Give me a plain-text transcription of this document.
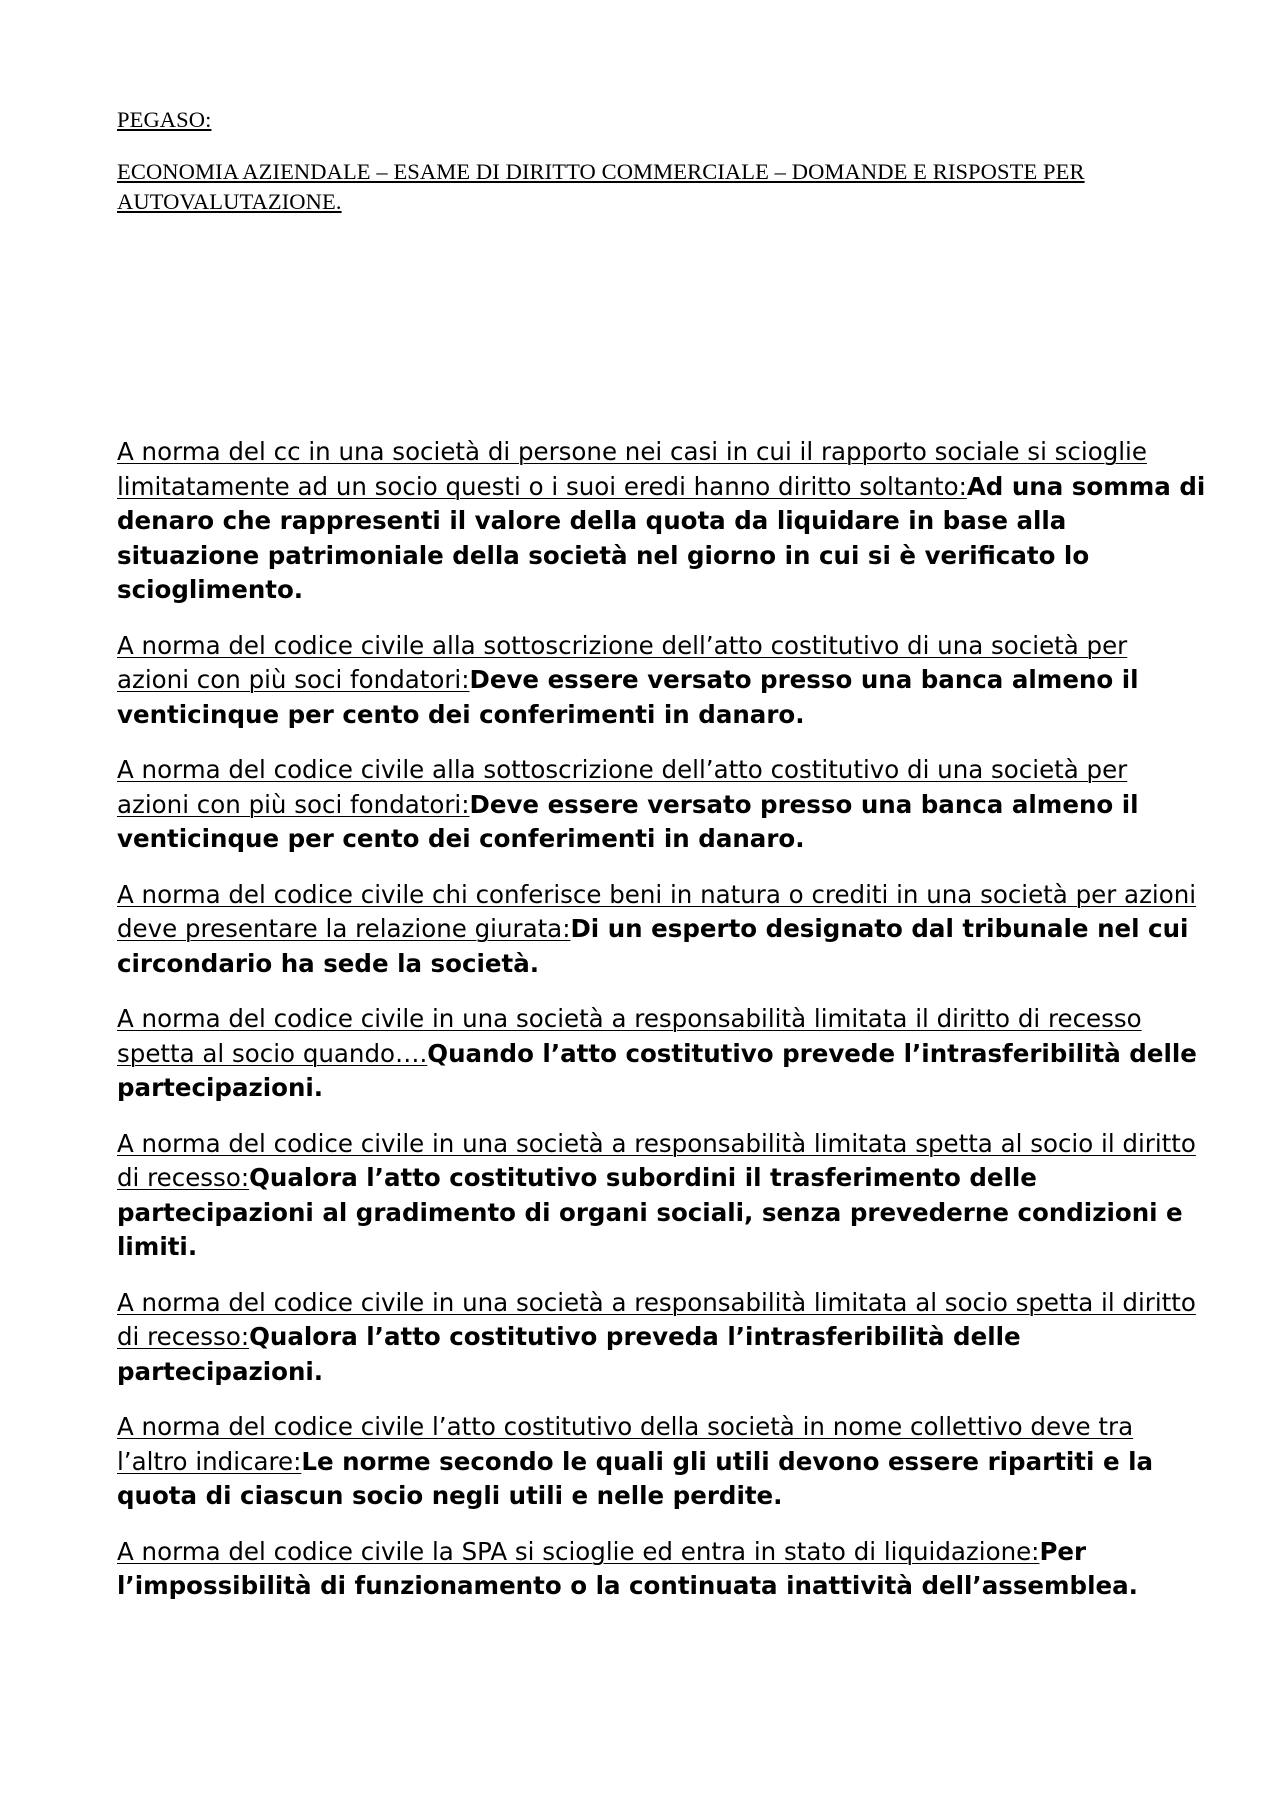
PEGASO:

ECONOMIA AZIENDALE – ESAME DI DIRITTO COMMERCIALE – DOMANDE E RISPOSTE PER AUTOVALUTAZIONE.

A norma del cc in una società di persone nei casi in cui il rapporto sociale si scioglie limitatamente ad un socio questi o i suoi eredi hanno diritto soltanto:Ad una somma di denaro che rappresenti il valore della quota da liquidare in base alla situazione patrimoniale della società nel giorno in cui si è verificato lo scioglimento.

A norma del codice civile alla sottoscrizione dell’atto costitutivo di una società per azioni con più soci fondatori:Deve essere versato presso una banca almeno il venticinque per cento dei conferimenti in danaro.

A norma del codice civile alla sottoscrizione dell’atto costitutivo di una società per azioni con più soci fondatori:Deve essere versato presso una banca almeno il venticinque per cento dei conferimenti in danaro.

A norma del codice civile chi conferisce beni in natura o crediti in una società per azioni deve presentare la relazione giurata:Di un esperto designato dal tribunale nel cui circondario ha sede la società.

A norma del codice civile in una società a responsabilità limitata il diritto di recesso spetta al socio quando….Quando l’atto costitutivo prevede l’intrasferibilità delle partecipazioni.

A norma del codice civile in una società a responsabilità limitata spetta al socio il diritto di recesso:Qualora l’atto costitutivo subordini il trasferimento delle partecipazioni al gradimento di organi sociali, senza prevederne condizioni e limiti.

A norma del codice civile in una società a responsabilità limitata al socio spetta il diritto di recesso:Qualora l’atto costitutivo preveda l’intrasferibilità delle partecipazioni.

A norma del codice civile l’atto costitutivo della società in nome collettivo deve tra l’altro indicare:Le norme secondo le quali gli utili devono essere ripartiti e la quota di ciascun socio negli utili e nelle perdite.

A norma del codice civile la SPA si scioglie ed entra in stato di liquidazione:Per l’impossibilità di funzionamento o la continuata inattività dell’assemblea.
